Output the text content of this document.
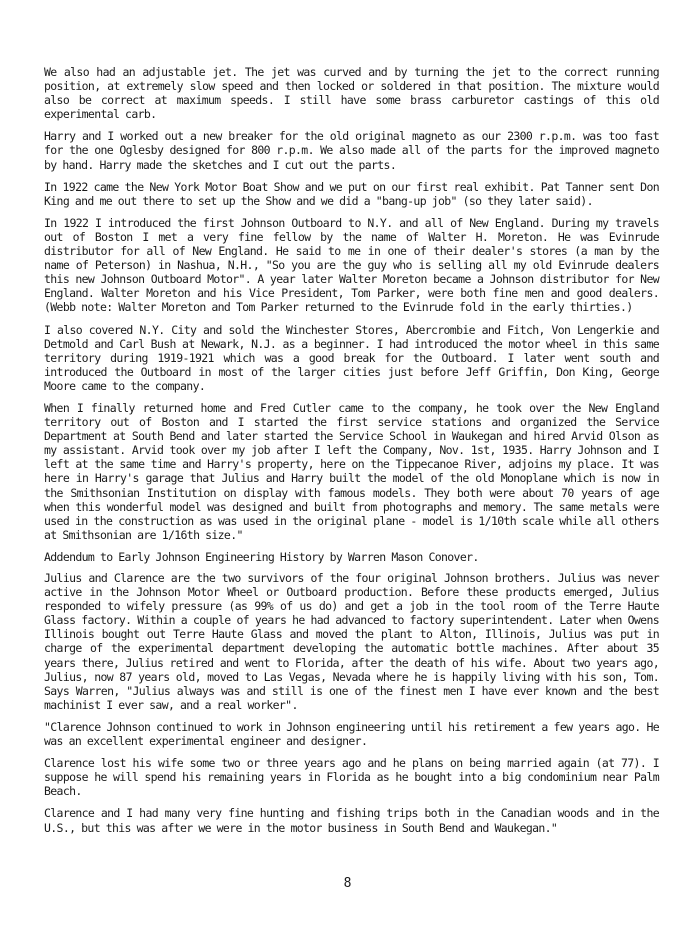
We also had an adjustable jet. The jet was curved and by turning the jet to the correct running position, at extremely slow speed and then locked or soldered in that position. The mixture would also be correct at maximum speeds. I still have some brass carburetor castings of this old experimental carb.

Harry and I worked out a new breaker for the old original magneto as our 2300 r.p.m. was too fast for the one Oglesby designed for 800 r.p.m. We also made all of the parts for the improved magneto by hand. Harry made the sketches and I cut out the parts.

In 1922 came the New York Motor Boat Show and we put on our first real exhibit. Pat Tanner sent Don King and me out there to set up the Show and we did a "bang-up job" (so they later said).

In 1922 I introduced the first Johnson Outboard to N.Y. and all of New England. During my travels out of Boston I met a very fine fellow by the name of Walter H. Moreton. He was Evinrude distributor for all of New England. He said to me in one of their dealer's stores (a man by the name of Peterson) in Nashua, N.H., "So you are the guy who is selling all my old Evinrude dealers this new Johnson Outboard Motor". A year later Walter Moreton became a Johnson distributor for New England. Walter Moreton and his Vice President, Tom Parker, were both fine men and good dealers. (Webb note: Walter Moreton and Tom Parker returned to the Evinrude fold in the early thirties.)

I also covered N.Y. City and sold the Winchester Stores, Abercrombie and Fitch, Von Lengerkie and Detmold and Carl Bush at Newark, N.J. as a beginner. I had introduced the motor wheel in this same territory during 1919-1921 which was a good break for the Outboard. I later went south and introduced the Outboard in most of the larger cities just before Jeff Griffin, Don King, George Moore came to the company.

When I finally returned home and Fred Cutler came to the company, he took over the New England territory out of Boston and I started the first service stations and organized the Service Department at South Bend and later started the Service School in Waukegan and hired Arvid Olson as my assistant. Arvid took over my job after I left the Company, Nov. 1st, 1935. Harry Johnson and I left at the same time and Harry's property, here on the Tippecanoe River, adjoins my place. It was here in Harry's garage that Julius and Harry built the model of the old Monoplane which is now in the Smithsonian Institution on display with famous models. They both were about 70 years of age when this wonderful model was designed and built from photographs and memory. The same metals were used in the construction as was used in the original plane - model is 1/10th scale while all others at Smithsonian are 1/16th size."

Addendum to Early Johnson Engineering History by Warren Mason Conover.

Julius and Clarence are the two survivors of the four original Johnson brothers. Julius was never active in the Johnson Motor Wheel or Outboard production. Before these products emerged, Julius responded to wifely pressure (as 99% of us do) and get a job in the tool room of the Terre Haute Glass factory. Within a couple of years he had advanced to factory superintendent. Later when Owens Illinois bought out Terre Haute Glass and moved the plant to Alton, Illinois, Julius was put in charge of the experimental department developing the automatic bottle machines. After about 35 years there, Julius retired and went to Florida, after the death of his wife. About two years ago, Julius, now 87 years old, moved to Las Vegas, Nevada where he is happily living with his son, Tom. Says Warren, "Julius always was and still is one of the finest men I have ever known and the best machinist I ever saw, and a real worker".

"Clarence Johnson continued to work in Johnson engineering until his retirement a few years ago. He was an excellent experimental engineer and designer.

Clarence lost his wife some two or three years ago and he plans on being married again (at 77). I suppose he will spend his remaining years in Florida as he bought into a big condominium near Palm Beach.

Clarence and I had many very fine hunting and fishing trips both in the Canadian woods and in the U.S., but this was after we were in the motor business in South Bend and Waukegan."

8
